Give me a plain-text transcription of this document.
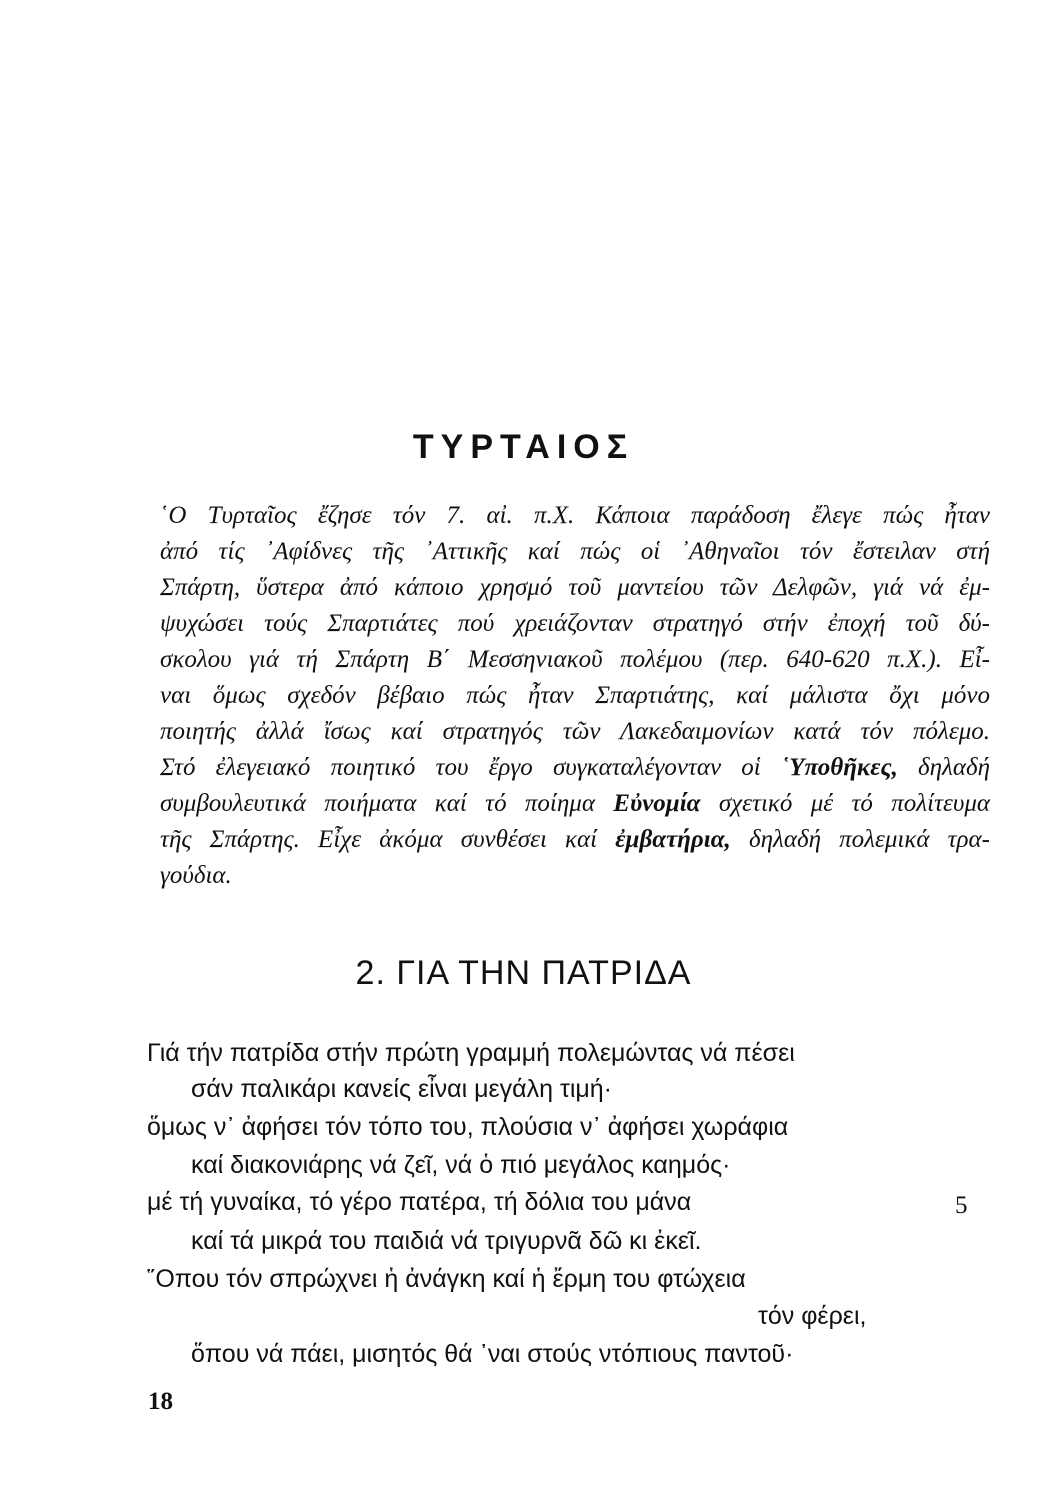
ΤΥΡΤΑΙΟΣ
῾Ο Τυρταῖος ἔζησε τόν 7. αἰ. π.Χ. Κάποια παράδοση ἔλεγε πώς ἦταν
ἀπό τίς ᾿Αφίδνες τῆς ᾿Αττικῆς καί πώς οἱ ᾿Αθηναῖοι τόν ἔστειλαν στή
Σπάρτη, ὕστερα ἀπό κάποιο χρησμό τοῦ μαντείου τῶν Δελφῶν, γιά νά ἐμ-
ψυχώσει τούς Σπαρτιάτες πού χρειάζονταν στρατηγό στήν ἐποχή τοῦ δύ-
σκολου γιά τή Σπάρτη Β΄ Μεσσηνιακοῦ πολέμου (περ. 640-620 π.Χ.). Εἶ-
ναι ὅμως σχεδόν βέβαιο πώς ἦταν Σπαρτιάτης, καί μάλιστα ὄχι μόνο
ποιητής ἀλλά ἴσως καί στρατηγός τῶν Λακεδαιμονίων κατά τόν πόλεμο.
Στό ἐλεγειακό ποιητικό του ἔργο συγκαταλέγονταν οἱ ῾Υποθῆκες, δηλαδή
συμβουλευτικά ποιήματα καί τό ποίημα Εὐνομία σχετικό μέ τό πολίτευμα
τῆς Σπάρτης. Εἶχε ἀκόμα συνθέσει καί ἐμβατήρια, δηλαδή πολεμικά τρα-
γούδια.
2. ΓΙΑ ΤΗΝ ΠΑΤΡΙΔΑ

Γιά τήν πατρίδα στήν πρώτη γραμμή πολεμώντας νά πέσει

σάν παλικάρι κανείς εἶναι μεγάλη τιμή·

ὅμως ν᾿ ἀφήσει τόν τόπο του, πλούσια ν᾿ ἀφήσει χωράφια

καί διακονιάρης νά ζεῖ, νά ὁ πιό μεγάλος καημός·

μέ τή γυναίκα, τό γέρο πατέρα, τή δόλια του μάνα

καί τά μικρά του παιδιά νά τριγυρνᾶ δῶ κι ἐκεῖ.

῞Οπου τόν σπρώχνει ἡ ἀνάγκη καί ἡ ἔρμη του φτώχεια

τόν φέρει,

ὅπου νά πάει, μισητός θά ᾿ναι στούς ντόπιους παντοῦ·

5
18
